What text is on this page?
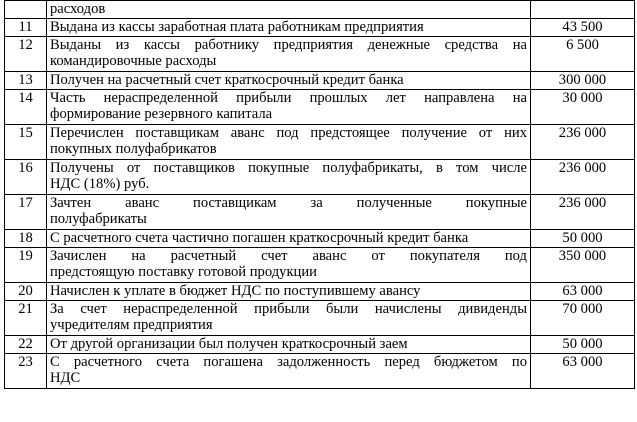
	расходов	

11	Выдана из кассы заработная плата работникам предприятия	43 500
12	Выданы из кассы работнику предприятия денежные средства на
командировочные расходы	6 500
13	Получен на расчетный счет краткосрочный кредит банка	300 000
14	Часть нераспределенной прибыли прошлых лет направлена на
формирование резервного капитала	30 000
15	Перечислен поставщикам аванс под предстоящее получение от них
покупных полуфабрикатов	236 000
16	Получены от поставщиков покупные полуфабрикаты, в том числе
НДС (18%) руб.	236 000
17	Зачтен аванс поставщикам за полученные покупные
полуфабрикаты	236 000
18	С расчетного счета частично погашен краткосрочный кредит банка	50 000
19	Зачислен на расчетный счет аванс от покупателя под
предстоящую поставку готовой продукции	350 000
20	Начислен к уплате в бюджет НДС по поступившему авансу	63 000
21	За счет нераспределенной прибыли были начислены дивиденды
учредителям предприятия	70 000
22	От другой организации был получен краткосрочный заем	50 000
23	С расчетного счета погашена задолженность перед бюджетом по
НДС	63 000
